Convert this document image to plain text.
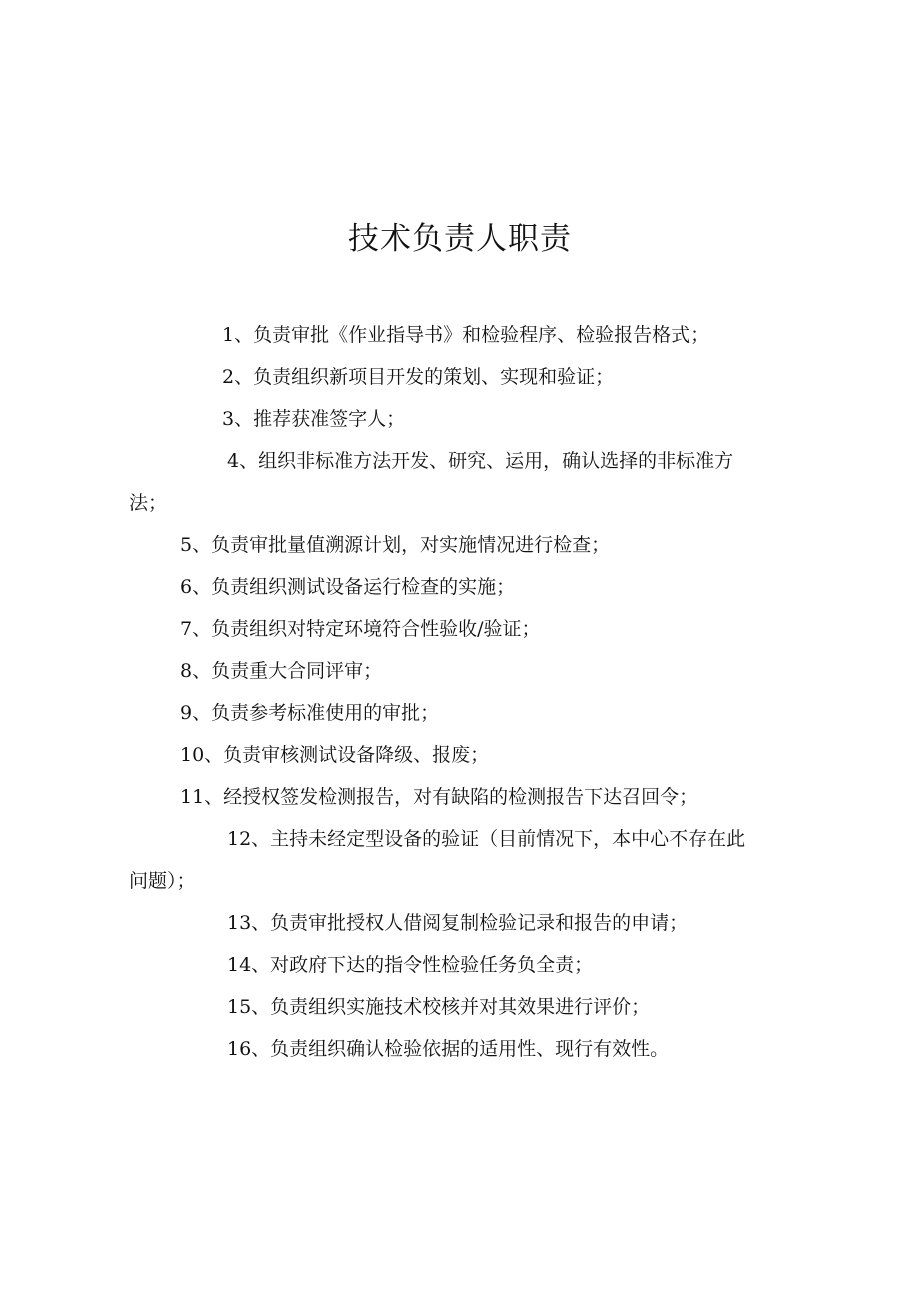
技术负责人职责
1、负责审批《作业指导书》和检验程序、检验报告格式；
2、负责组织新项目开发的策划、实现和验证；
3、推荐获准签字人；
4、组织非标准方法开发、研究、运用，确认选择的非标准方
法；
5、负责审批量值溯源计划，对实施情况进行检查；
6、负责组织测试设备运行检查的实施；
7、负责组织对特定环境符合性验收/验证；
8、负责重大合同评审；
9、负责参考标准使用的审批；
10、负责审核测试设备降级、报废；
11、经授权签发检测报告，对有缺陷的检测报告下达召回令；
12、主持未经定型设备的验证（目前情况下，本中心不存在此
问题）；
13、负责审批授权人借阅复制检验记录和报告的申请；
14、对政府下达的指令性检验任务负全责；
15、负责组织实施技术校核并对其效果进行评价；
16、负责组织确认检验依据的适用性、现行有效性。
